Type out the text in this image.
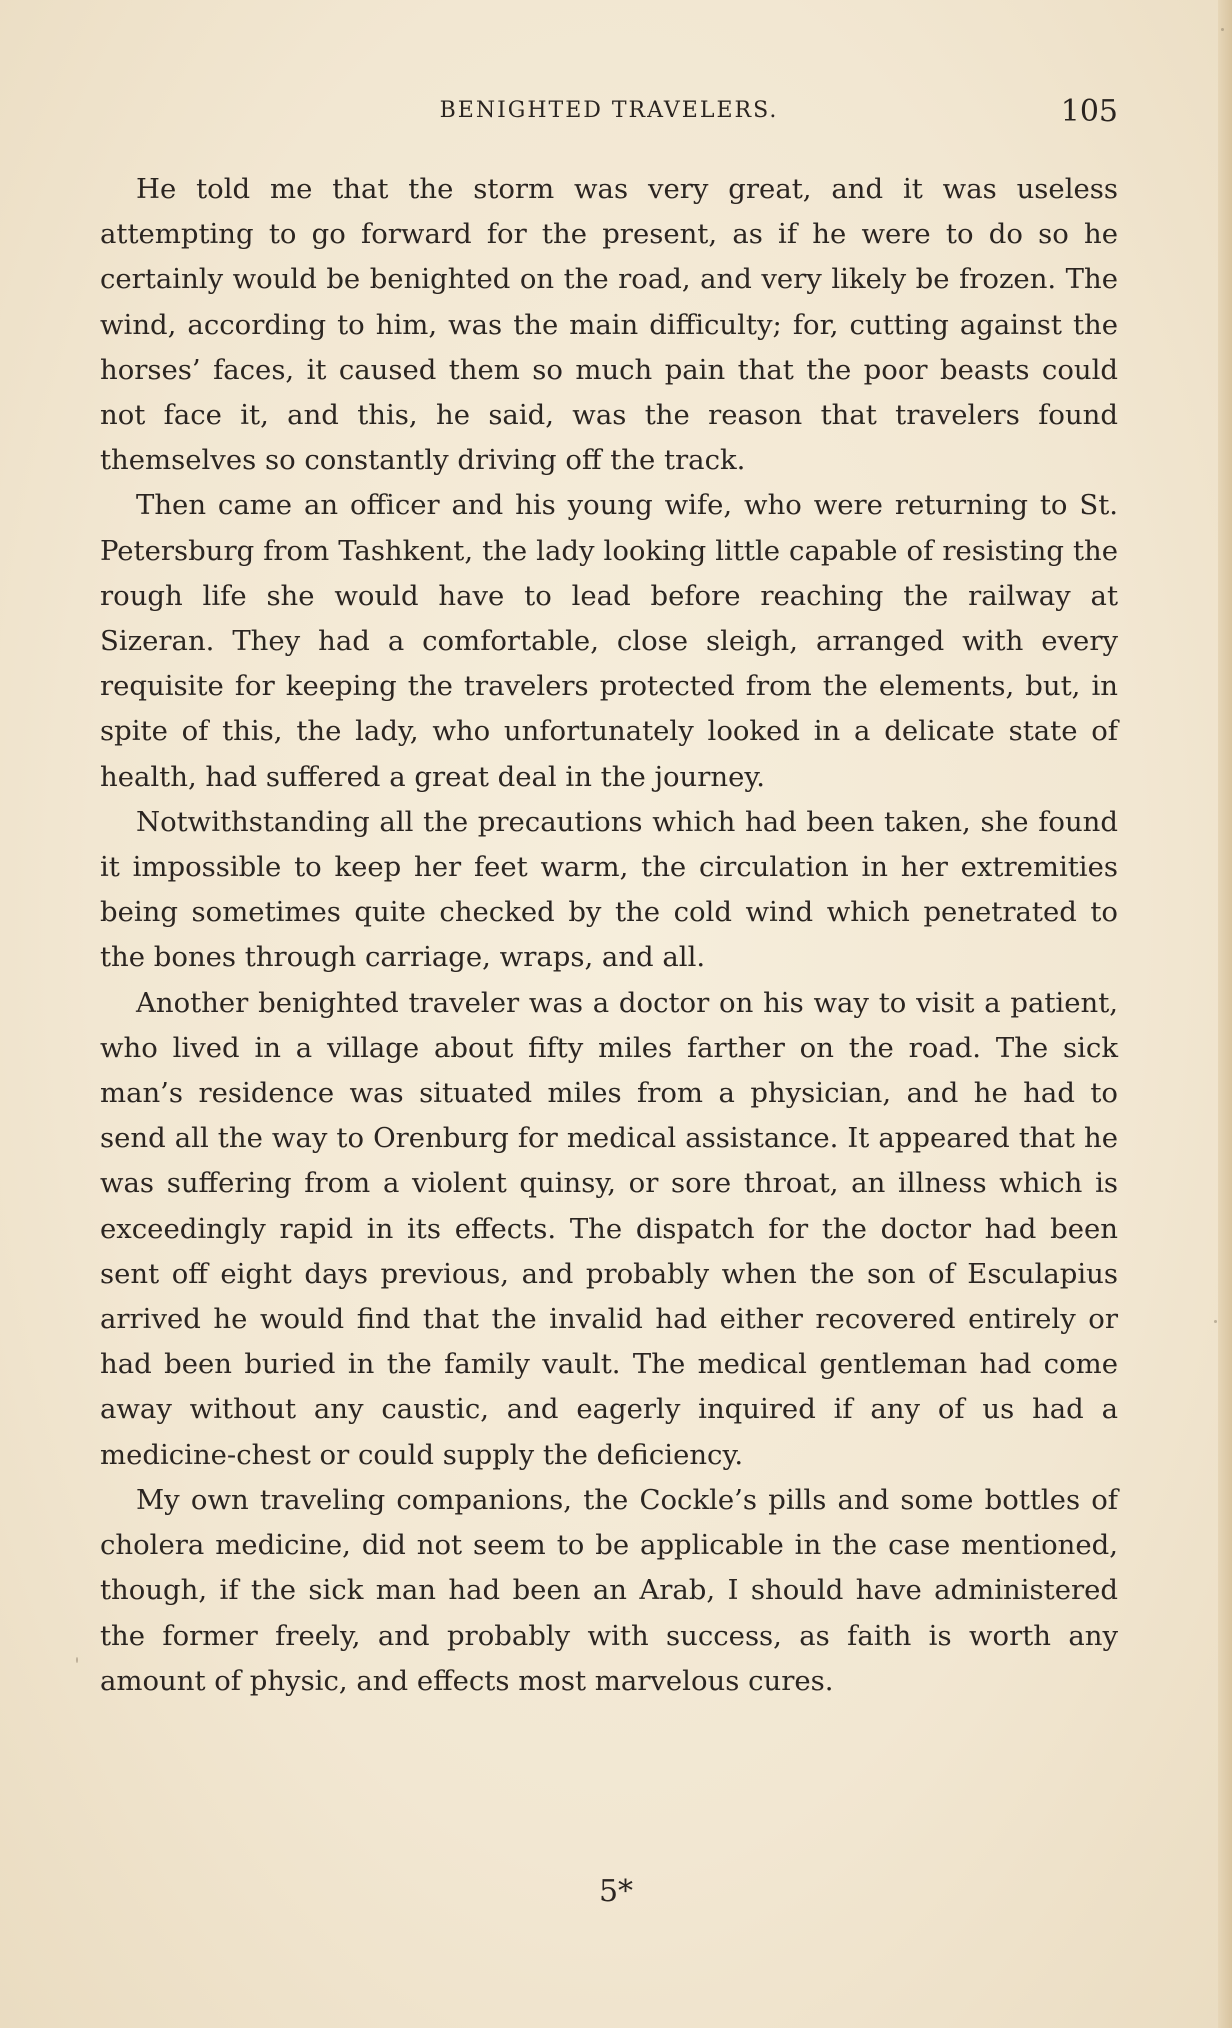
BENIGHTED TRAVELERS.	105

He told me that the storm was very great, and it was useless attempting to go forward for the present, as if he were to do so he certainly would be benighted on the road, and very likely be frozen. The wind, according to him, was the main difficulty; for, cutting against the horses’ faces, it caused them so much pain that the poor beasts could not face it, and this, he said, was the reason that travelers found themselves so constantly driving off the track.

Then came an officer and his young wife, who were returning to St. Petersburg from Tashkent, the lady looking little capable of resisting the rough life she would have to lead before reaching the railway at Sizeran. They had a comfortable, close sleigh, arranged with every requisite for keeping the travelers protected from the elements, but, in spite of this, the lady, who unfortunately looked in a delicate state of health, had suffered a great deal in the journey.

Notwithstanding all the precautions which had been taken, she found it impossible to keep her feet warm, the circulation in her extremities being sometimes quite checked by the cold wind which penetrated to the bones through carriage, wraps, and all.

Another benighted traveler was a doctor on his way to visit a patient, who lived in a village about fifty miles farther on the road. The sick man’s residence was situated miles from a physician, and he had to send all the way to Orenburg for medical assistance. It appeared that he was suffering from a violent quinsy, or sore throat, an illness which is exceedingly rapid in its effects. The dispatch for the doctor had been sent off eight days previous, and probably when the son of Esculapius arrived he would find that the invalid had either recovered entirely or had been buried in the family vault. The medical gentleman had come away without any caustic, and eagerly inquired if any of us had a medicine-chest or could supply the deficiency.

My own traveling companions, the Cockle’s pills and some bottles of cholera medicine, did not seem to be applicable in the case mentioned, though, if the sick man had been an Arab, I should have administered the former freely, and probably with success, as faith is worth any amount of physic, and effects most marvelous cures.

5*
